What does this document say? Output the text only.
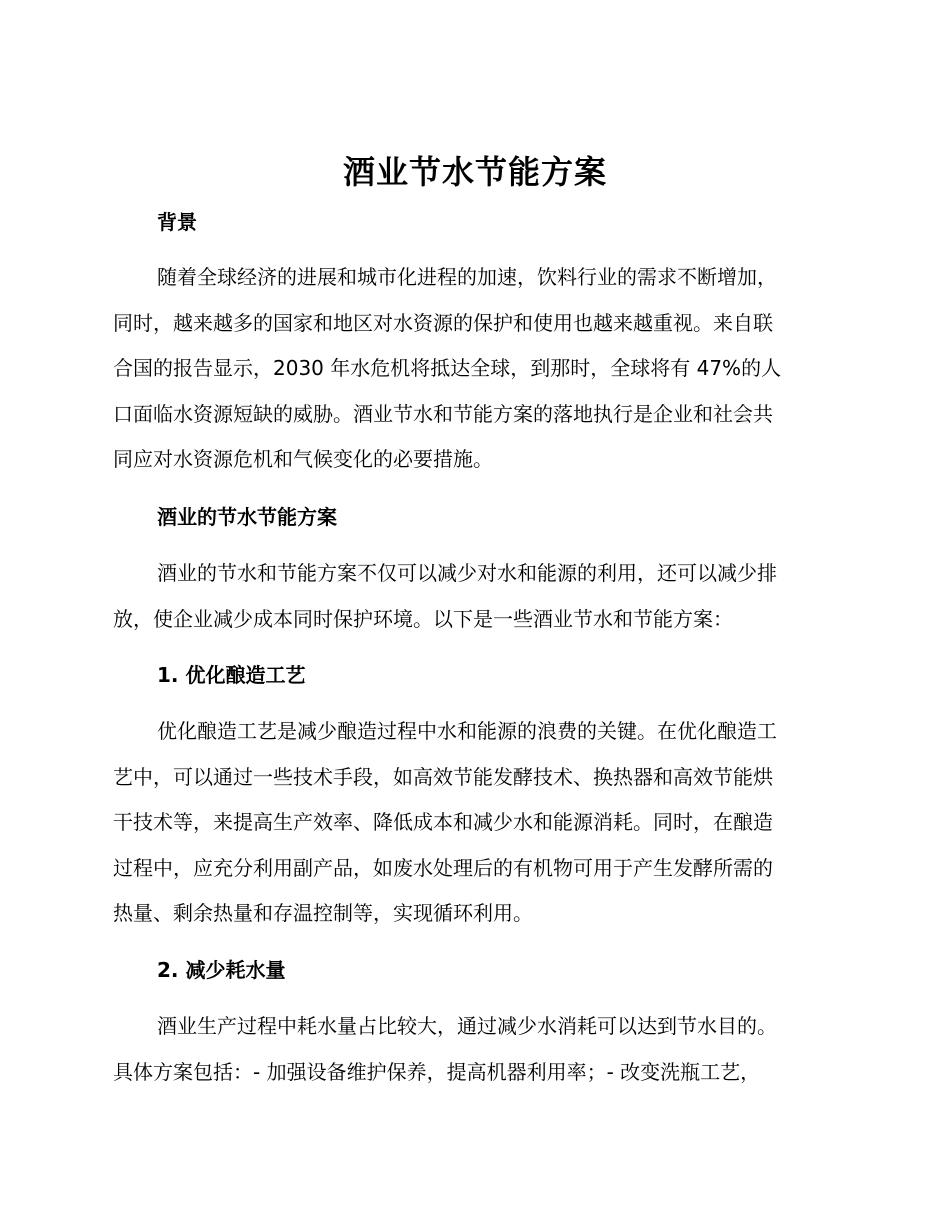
酒业节水节能方案
背景
随着全球经济的进展和城市化进程的加速，饮料行业的需求不断增加，
同时，越来越多的国家和地区对水资源的保护和使用也越来越重视。来自联
合国的报告显示，2030 年水危机将抵达全球，到那时，全球将有 47%的人
口面临水资源短缺的威胁。酒业节水和节能方案的落地执行是企业和社会共
同应对水资源危机和气候变化的必要措施。
酒业的节水节能方案
酒业的节水和节能方案不仅可以减少对水和能源的利用，还可以减少排
放，使企业减少成本同时保护环境。以下是一些酒业节水和节能方案：
1. 优化酿造工艺
优化酿造工艺是减少酿造过程中水和能源的浪费的关键。在优化酿造工
艺中，可以通过一些技术手段，如高效节能发酵技术、换热器和高效节能烘
干技术等，来提高生产效率、降低成本和减少水和能源消耗。同时，在酿造
过程中，应充分利用副产品，如废水处理后的有机物可用于产生发酵所需的
热量、剩余热量和存温控制等，实现循环利用。
2. 减少耗水量
酒业生产过程中耗水量占比较大，通过减少水消耗可以达到节水目的。
具体方案包括：- 加强设备维护保养，提高机器利用率；- 改变洗瓶工艺，
